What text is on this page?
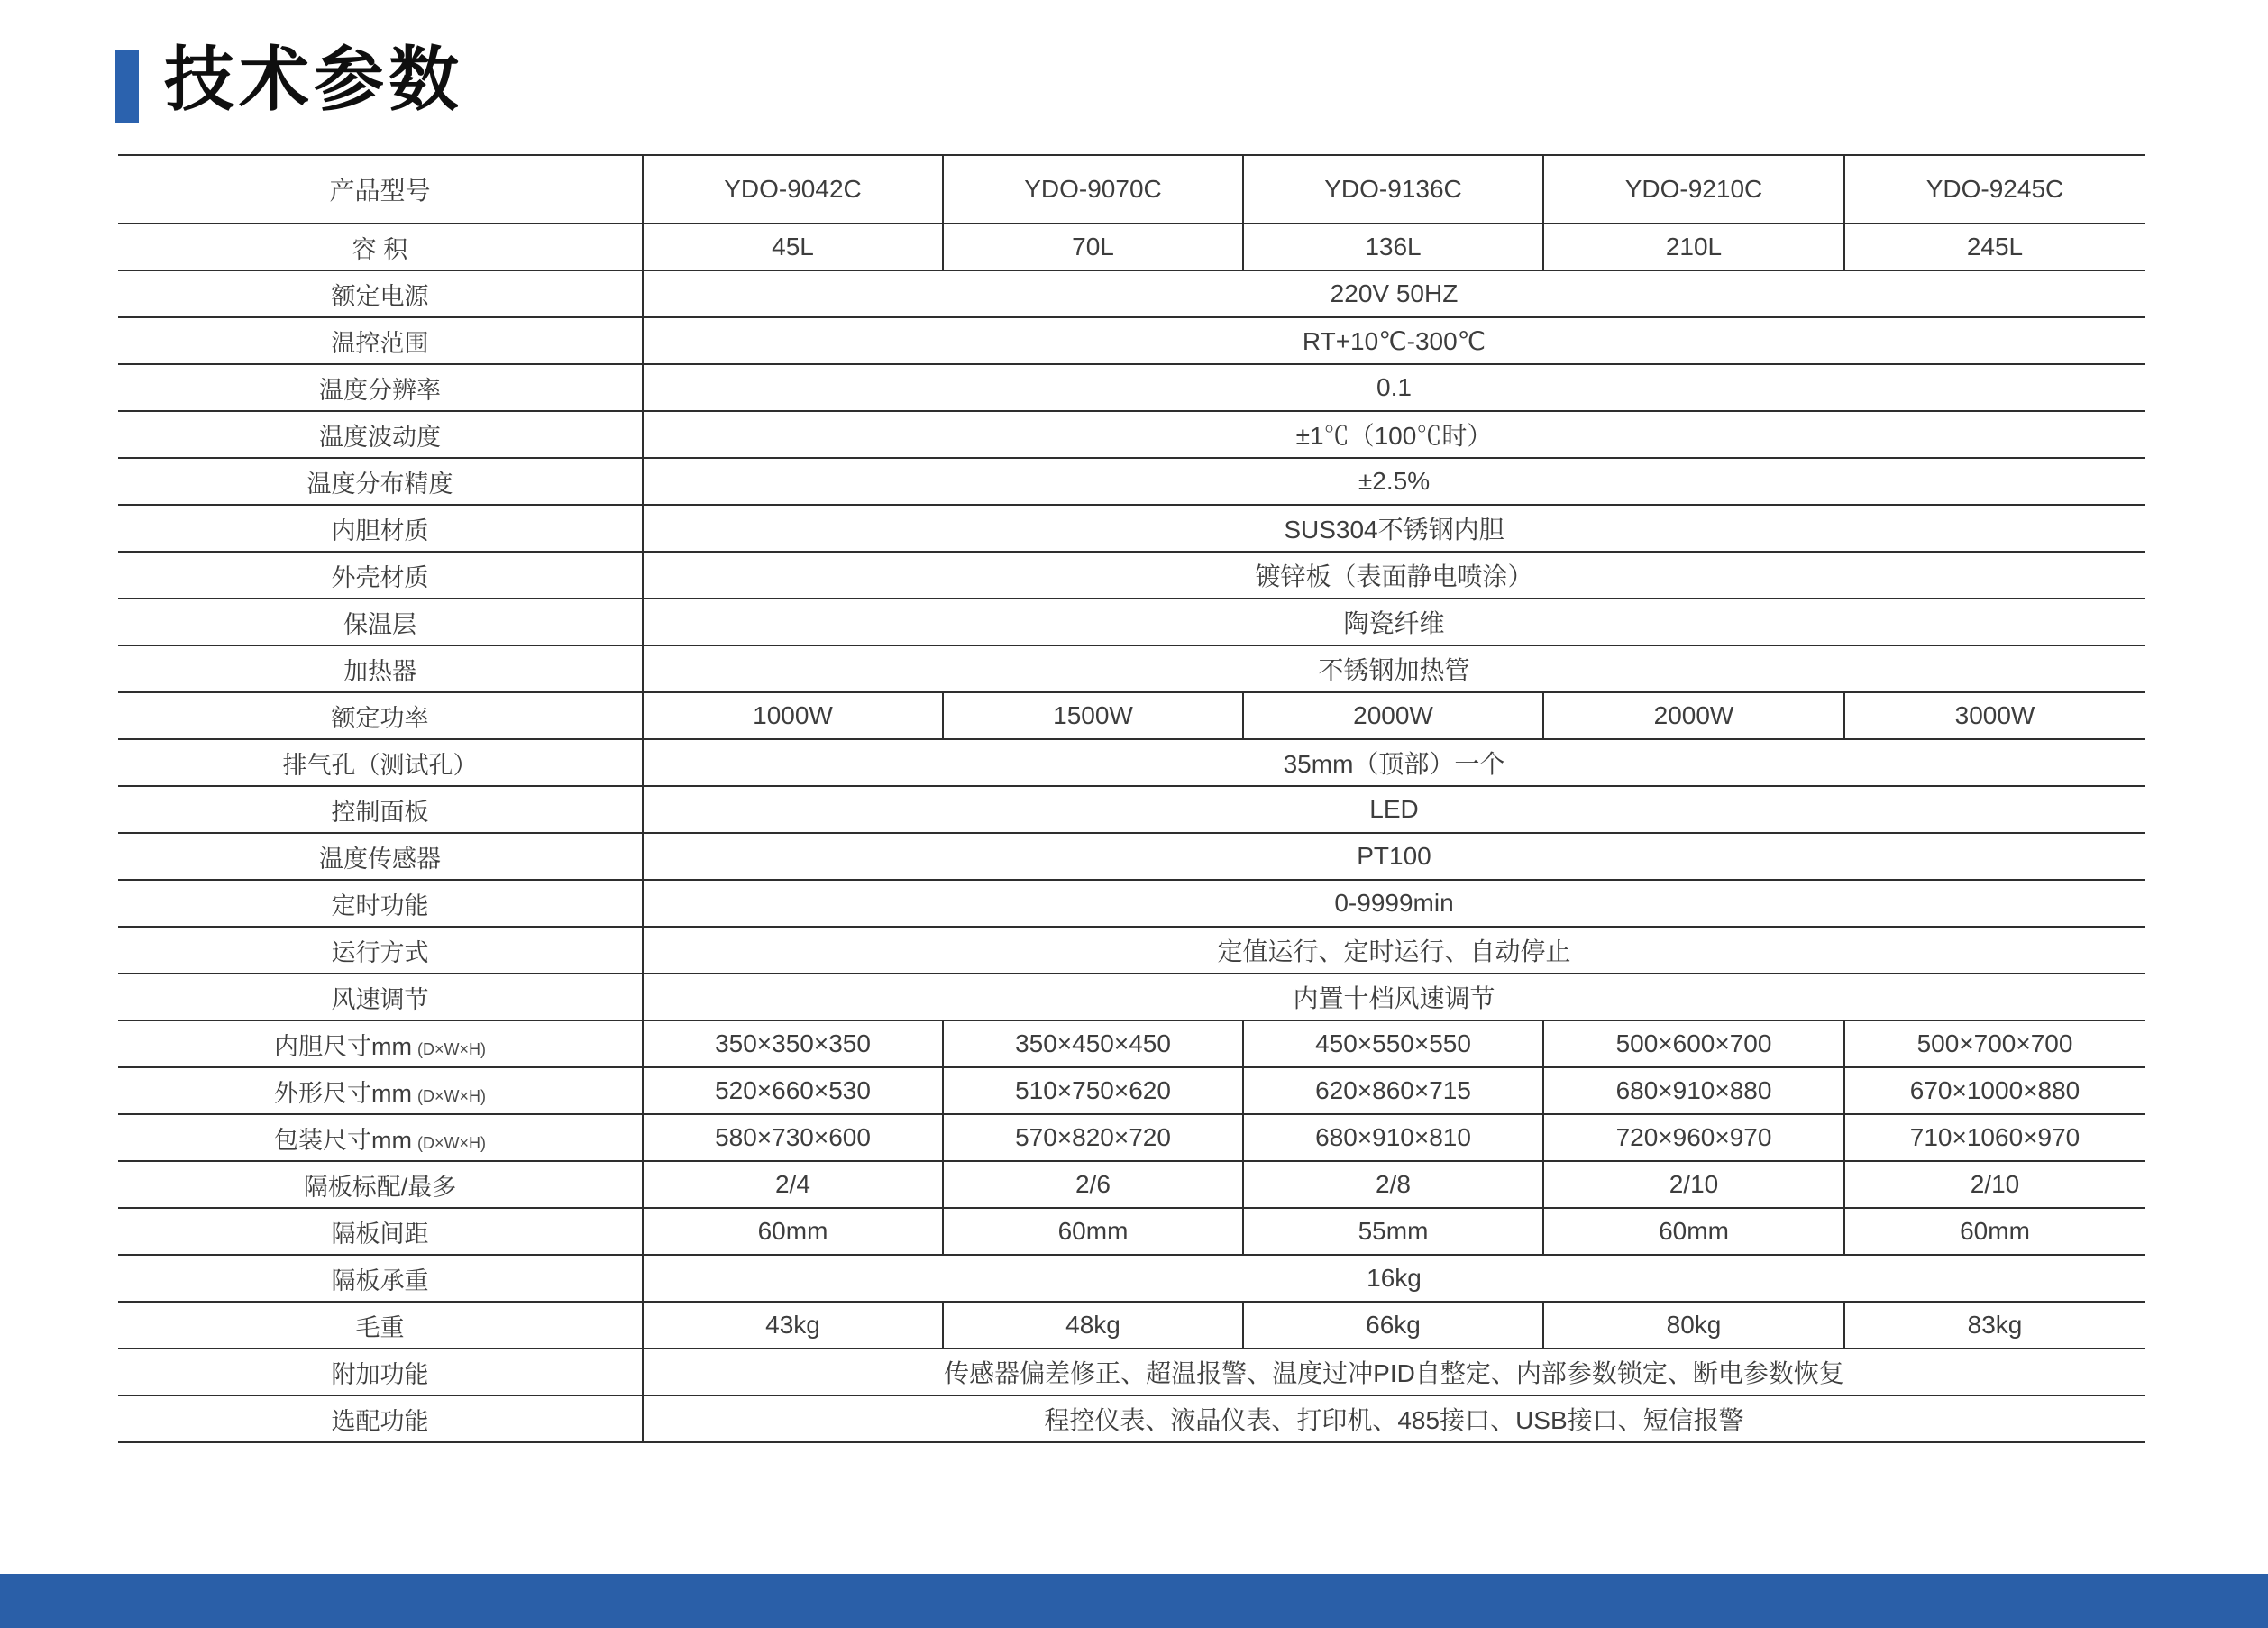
技术参数
产品型号	YDO-9042C	YDO-9070C	YDO-9136C	YDO-9210C	YDO-9245C
容 积	45L	70L	136L	210L	245L
额定电源	220V 50HZ				
温控范围	RT+10℃-300℃				
温度分辨率	0.1				
温度波动度	±1℃（100℃时）				
温度分布精度	±2.5%				
内胆材质	SUS304不锈钢内胆				
外壳材质	镀锌板（表面静电喷涂）				
保温层	陶瓷纤维				
加热器	不锈钢加热管				
额定功率	1000W	1500W	2000W	2000W	3000W
排气孔（测试孔）	35mm（顶部）一个				
控制面板	LED				
温度传感器	PT100				
定时功能	0-9999min				
运行方式	定值运行、定时运行、自动停止				
风速调节	内置十档风速调节				
内胆尺寸mm (D×W×H)	350×350×350	350×450×450	450×550×550	500×600×700	500×700×700
外形尺寸mm (D×W×H)	520×660×530	510×750×620	620×860×715	680×910×880	670×1000×880
包装尺寸mm (D×W×H)	580×730×600	570×820×720	680×910×810	720×960×970	710×1060×970
隔板标配/最多	2/4	2/6	2/8	2/10	2/10
隔板间距	60mm	60mm	55mm	60mm	60mm
隔板承重	16kg				
毛重	43kg	48kg	66kg	80kg	83kg
附加功能	传感器偏差修正、超温报警、温度过冲PID自整定、内部参数锁定、断电参数恢复				
选配功能	程控仪表、液晶仪表、打印机、485接口、USB接口、短信报警				
